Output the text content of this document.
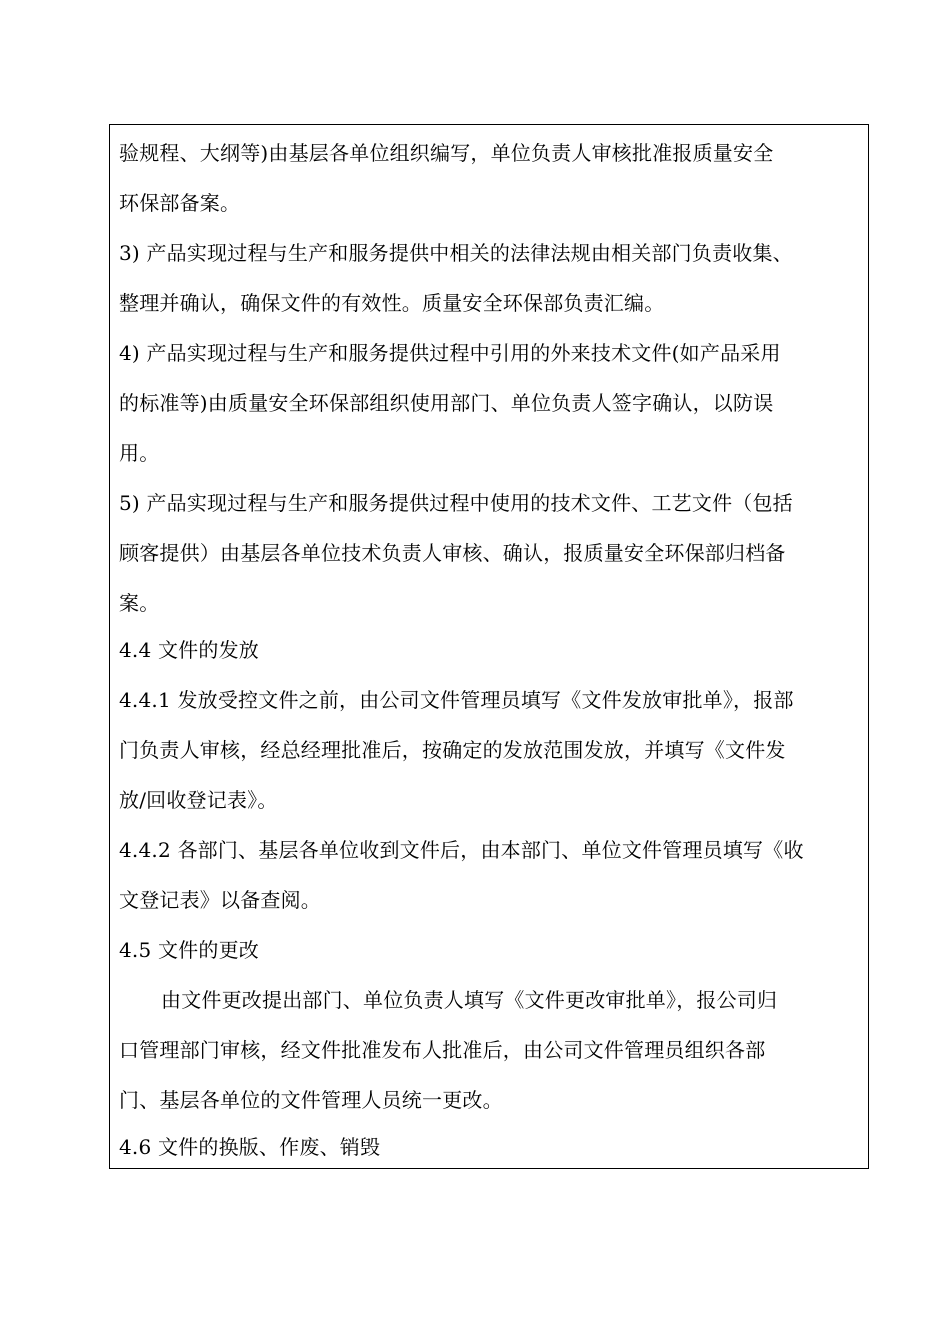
验规程、大纲等)由基层各单位组织编写，单位负责人审核批准报质量安全
环保部备案。
3) 产品实现过程与生产和服务提供中相关的法律法规由相关部门负责收集、
整理并确认，确保文件的有效性。质量安全环保部负责汇编。
4) 产品实现过程与生产和服务提供过程中引用的外来技术文件(如产品采用
的标准等)由质量安全环保部组织使用部门、单位负责人签字确认，以防误
用。
5) 产品实现过程与生产和服务提供过程中使用的技术文件、工艺文件（包括
顾客提供）由基层各单位技术负责人审核、确认，报质量安全环保部归档备
案。
4.4 文件的发放
4.4.1 发放受控文件之前，由公司文件管理员填写《文件发放审批单》，报部
门负责人审核，经总经理批准后，按确定的发放范围发放，并填写《文件发
放/回收登记表》。
4.4.2 各部门、基层各单位收到文件后，由本部门、单位文件管理员填写《收
文登记表》以备查阅。
4.5 文件的更改
由文件更改提出部门、单位负责人填写《文件更改审批单》，报公司归
口管理部门审核，经文件批准发布人批准后，由公司文件管理员组织各部
门、基层各单位的文件管理人员统一更改。
4.6 文件的换版、作废、销毁
